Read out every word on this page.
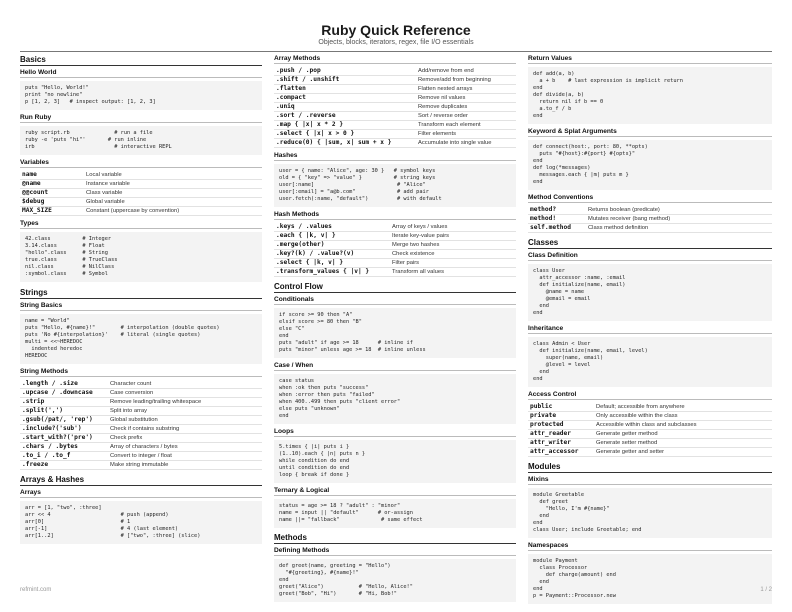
Ruby Quick Reference
Objects, blocks, iterators, regex, file I/O essentials
Basics
Hello World
puts "Hello, World!"
print "no newline"
p [1, 2, 3]   # inspect output: [1, 2, 3]
Run Ruby
ruby script.rb              # run a file
ruby -e 'puts "hi"'       # run inline
irb                         # interactive REPL
Variables
name	Local variable
@name	Instance variable
@@count	Class variable
$debug	Global variable
MAX_SIZE	Constant (uppercase by convention)
Types
42.class          # Integer
3.14.class        # Float
"hello".class     # String
true.class        # TrueClass
nil.class         # NilClass
:symbol.class     # Symbol
Strings
String Basics
name = "World"
puts "Hello, #{name}!"        # interpolation (double quotes)
puts 'No #{interpolation}'    # literal (single quotes)
multi = <<~HEREDOC
indented heredoc
HEREDOC
String Methods
.length / .size	Character count
.upcase / .downcase	Case conversion
.strip	Remove leading/trailing whitespace
.split(',')	Split into array
.gsub(/pat/, 'rep')	Global substitution
.include?('sub')	Check if contains substring
.start_with?('pre')	Check prefix
.chars / .bytes	Array of characters / bytes
.to_i / .to_f	Convert to integer / float
.freeze	Make string immutable
Arrays & Hashes
Arrays
arr = [1, "two", :three]
arr << 4                      # push (append)
arr[0]                        # 1
arr[-1]                       # 4 (last element)
arr[1..2]                     # ["two", :three] (slice)
Array Methods
.push / .pop	Add/remove from end
.shift / .unshift	Remove/add from beginning
.flatten	Flatten nested arrays
.compact	Remove nil values
.uniq	Remove duplicates
.sort / .reverse	Sort / reverse order
.map { |x| x * 2 }	Transform each element
.select { |x| x > 0 }	Filter elements
.reduce(0) { |sum, x| sum + x }	Accumulate into single value
Hashes
user = { name: "Alice", age: 30 }   # symbol keys
old = { "key" => "value" }          # string keys
user[:name]                          # "Alice"
user[:email] = "a@b.com"             # add pair
user.fetch(:name, "default")         # with default
Hash Methods
.keys / .values	Array of keys / values
.each { |k, v| }	Iterate key-value pairs
.merge(other)	Merge two hashes
.key?(k) / .value?(v)	Check existence
.select { |k, v| }	Filter pairs
.transform_values { |v| }	Transform all values
Control Flow
Conditionals
if score >= 90 then "A"
elsif score >= 80 then "B"
else "C"
end
puts "adult" if age >= 18      # inline if
puts "minor" unless age >= 18  # inline unless
Case / When
case status
when :ok then puts "success"
when :error then puts "failed"
when 400..499 then puts "client error"
else puts "unknown"
end
Loops
5.times { |i| puts i }
(1..10).each { |n| puts n }
while condition do end
until condition do end
loop { break if done }
Ternary & Logical
status = age >= 18 ? "adult" : "minor"
name = input || "default"      # or-assign
name ||= "fallback"             # same effect
Methods
Defining Methods
def greet(name, greeting = "Hello")
"#{greeting}, #{name}!"
end
greet("Alice")           # "Hello, Alice!"
greet("Bob", "Hi")       # "Hi, Bob!"
Return Values
def add(a, b)
a + b    # last expression is implicit return
end
def divide(a, b)
return nil if b == 0
a.to_f / b
end
Keyword & Splat Arguments
def connect(host:, port: 80, **opts)
puts "#{host}:#{port} #{opts}"
end
def log(*messages)
messages.each { |m| puts m }
end
Method Conventions
method?	Returns boolean (predicate)
method!	Mutates receiver (bang method)
self.method	Class method definition
Classes
Class Definition
class User
attr_accessor :name, :email
def initialize(name, email)
@name = name
@email = email
end
end
Inheritance
class Admin < User
def initialize(name, email, level)
super(name, email)
@level = level
end
end
Access Control
public	Default; accessible from anywhere
private	Only accessible within the class
protected	Accessible within class and subclasses
attr_reader	Generate getter method
attr_writer	Generate setter method
attr_accessor	Generate getter and setter
Modules
Mixins
module Greetable
def greet
"Hello, I'm #{name}"
end
end
class User; include Greetable; end
Namespaces
module Payment
class Processor
def charge(amount) end
end
end
p = Payment::Processor.new
refmint.com	1 / 2
